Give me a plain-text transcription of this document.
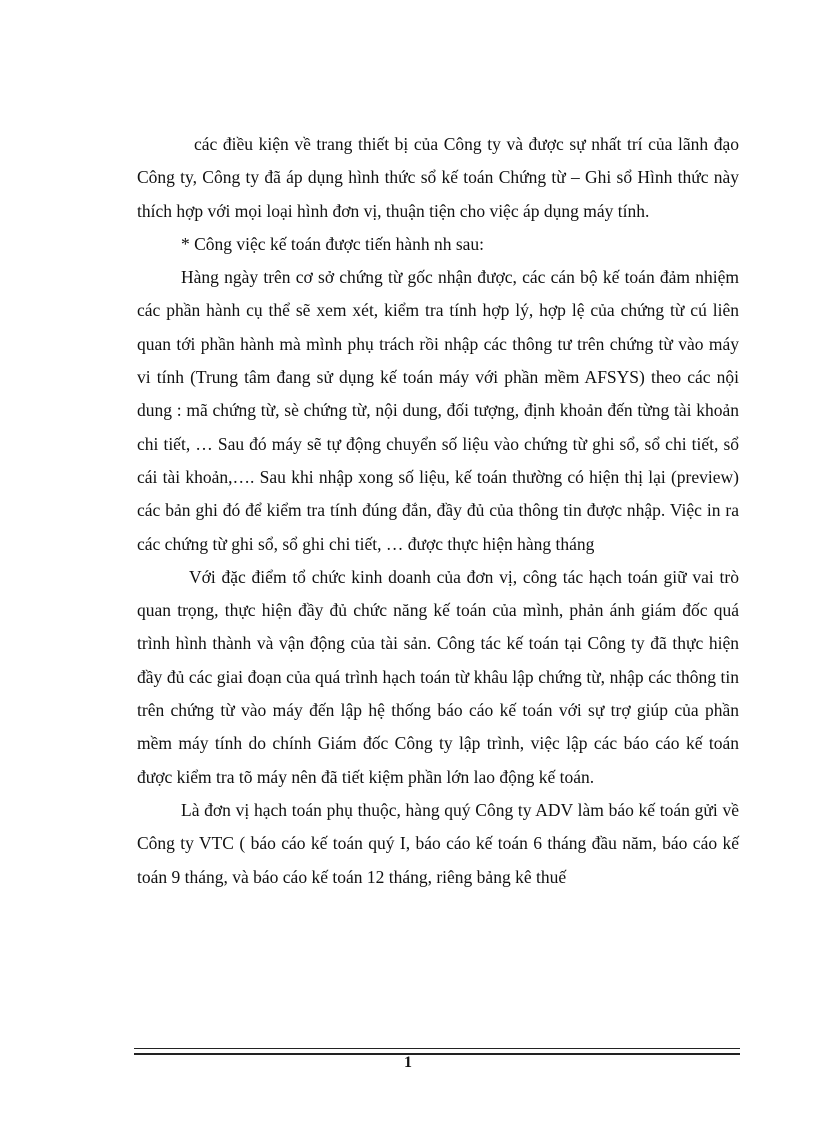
các điều kiện về trang thiết bị của Công ty và được sự nhất trí của lãnh đạo Công ty, Công ty đã áp dụng hình thức sổ kế toán Chứng từ – Ghi sổ Hình thức này thích hợp với mọi loại hình đơn vị, thuận tiện cho việc áp dụng máy tính.

* Công việc kế toán được tiến hành nh sau:

Hàng ngày trên cơ sở chứng từ gốc nhận được, các cán bộ kế toán đảm nhiệm các phần hành cụ thể sẽ xem xét, kiểm tra tính hợp lý, hợp lệ của chứng từ cú liên quan tới phần hành mà mình phụ trách rồi nhập các thông tư trên chứng từ vào máy vi tính (Trung tâm đang sử dụng kế toán máy với phần mềm AFSYS) theo các nội dung : mã chứng từ, sè chứng từ, nội dung, đối tượng, định khoản đến từng tài khoản chi tiết, … Sau đó máy sẽ tự động chuyển số liệu vào chứng từ ghi sổ, sổ chi tiết, sổ cái tài khoản,…. Sau khi nhập xong số liệu, kế toán thường có hiện thị lại (preview) các bản ghi đó để kiểm tra tính đúng đắn, đầy đủ của thông tin được nhập. Việc in ra các chứng từ ghi sổ, sổ ghi chi tiết, … được thực hiện hàng tháng

Với đặc điểm tổ chức kinh doanh của đơn vị, công tác hạch toán giữ vai trò quan trọng, thực hiện đầy đủ chức năng kế toán của mình, phản ánh giám đốc quá trình hình thành và vận động của tài sản. Công tác kế toán tại Công ty đã thực hiện đầy đủ các giai đoạn của quá trình hạch toán từ khâu lập chứng từ, nhập các thông tin trên chứng từ vào máy đến lập hệ thống báo cáo kế toán với sự trợ giúp của phần mềm máy tính do chính Giám đốc Công ty lập trình, việc lập các báo cáo kế toán được kiểm tra tõ máy nên đã tiết kiệm phần lớn lao động kế toán.

Là đơn vị hạch toán phụ thuộc, hàng quý Công ty ADV làm báo kế toán gửi về Công ty VTC ( báo cáo kế toán quý I, báo cáo kế toán 6 tháng đầu năm, báo cáo kế toán 9 tháng, và báo cáo kế toán 12 tháng, riêng bảng kê thuế

1
